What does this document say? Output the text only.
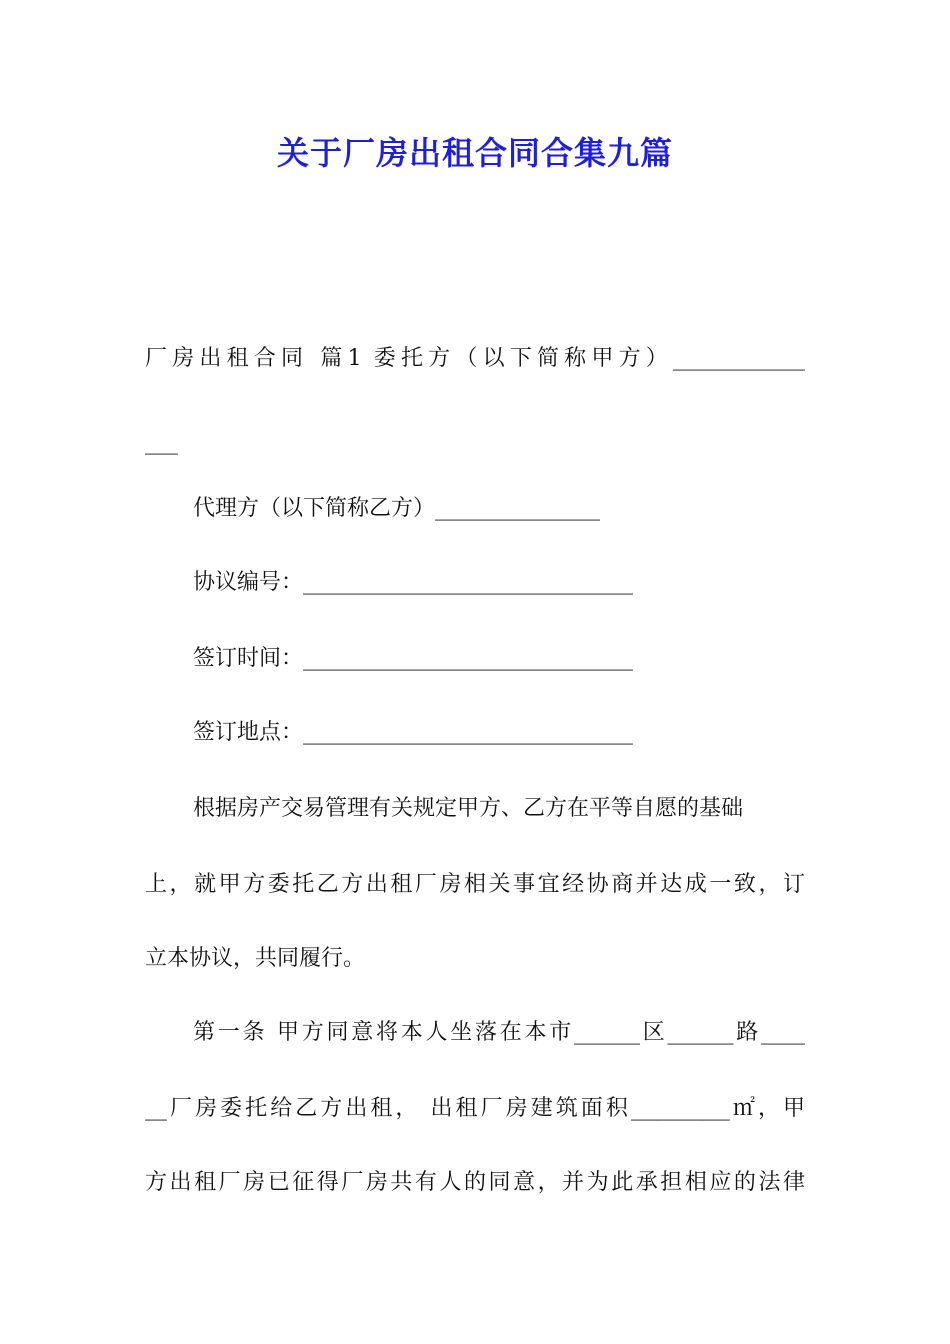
关于厂房出租合同合集九篇

厂房出租合同 篇1 委托方（以下简称甲方）____________

___

代理方（以下简称乙方）_______________

协议编号：______________________________

签订时间：______________________________

签订地点：______________________________

根据房产交易管理有关规定甲方、乙方在平等自愿的基础

上，就甲方委托乙方出租厂房相关事宜经协商并达成一致，订

立本协议，共同履行。

第一条 甲方同意将本人坐落在本市______区______路____

__厂房委托给乙方出租， 出租厂房建筑面积_________㎡，甲

方出租厂房已征得厂房共有人的同意，并为此承担相应的法律
